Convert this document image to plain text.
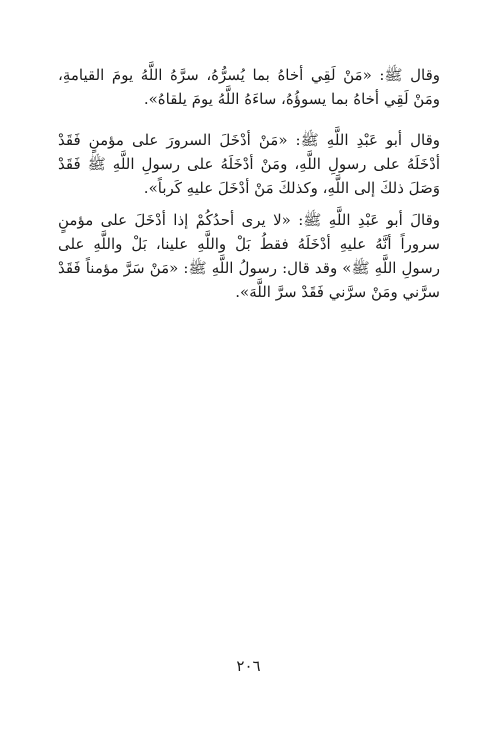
وقال ﷺ: «مَنْ لَقِي أخاهُ بما يُسرُّهُ، سرَّهُ اللَّهُ يومَ القيامةِ، ومَنْ لَقِي أخاهُ بما يسوؤُهُ، ساءَهُ اللَّهُ يومَ يلقاهُ».

وقال أبو عَبْدِ اللَّهِ ﷺ: «مَنْ أدْخَلَ السرورَ على مؤمنٍ فَقَدْ أدْخَلَهُ على رسولِ اللَّهِ، ومَنْ أدْخَلَهُ على رسولِ اللَّهِ ﷺ فَقَدْ وَصَلَ ذلكَ إلى اللَّهِ، وكذلكَ مَنْ أدْخَلَ عليهِ كَرباً».

وقالَ أبو عَبْدِ اللَّهِ ﷺ: «لا يرى أحدُكُمْ إذا أدْخَلَ على مؤمنٍ سروراً أنَّهُ عليهِ أدْخَلَهُ فقطُ بَلْ واللَّهِ علينا، بَلْ واللَّهِ على رسولِ اللَّهِ ﷺ» وقد قال: رسولُ اللَّهِ ﷺ: «مَنْ سَرَّ مؤمناً فَقَدْ سرَّني ومَنْ سرَّني فَقَدْ سرَّ اللَّهَ».

٢٠٦
